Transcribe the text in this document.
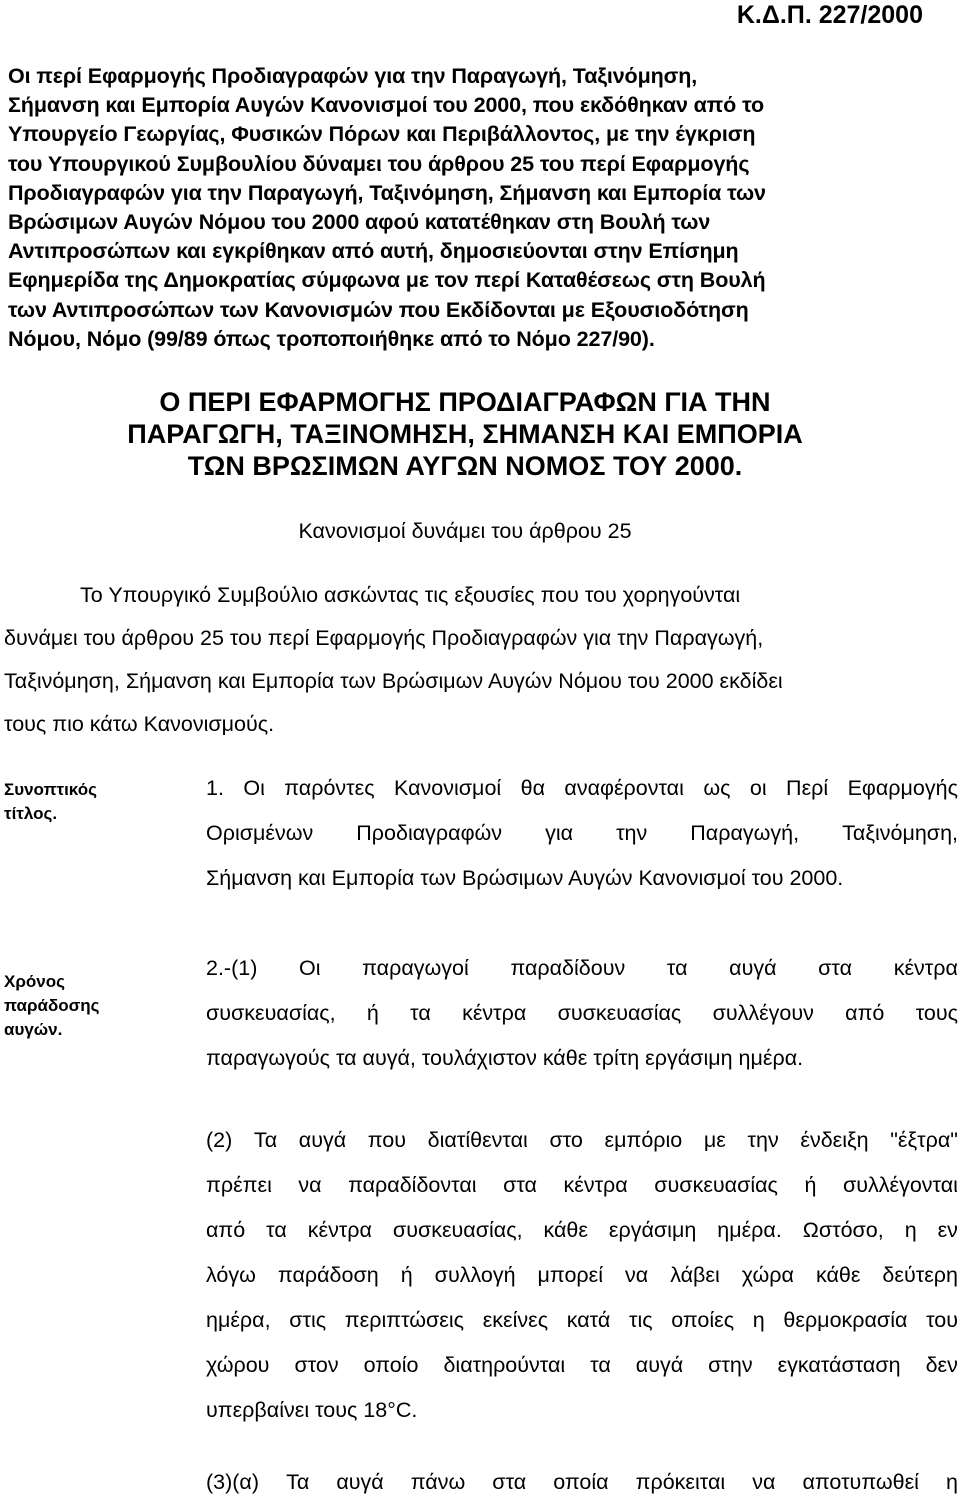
Κ.Δ.Π. 227/2000
Οι περί Εφαρμογής Προδιαγραφών για την Παραγωγή, Ταξινόμηση,
Σήμανση και Εμπορία Αυγών Κανονισμοί του 2000, που εκδόθηκαν από το
Υπουργείο Γεωργίας, Φυσικών Πόρων και Περιβάλλοντος, με την έγκριση
του Υπουργικού Συμβουλίου δύναμει του άρθρου 25 του περί Εφαρμογής
Προδιαγραφών για την Παραγωγή, Ταξινόμηση, Σήμανση και Εμπορία των
Βρώσιμων Αυγών Νόμου του 2000 αφού κατατέθηκαν στη Βουλή των
Αντιπροσώπων και εγκρίθηκαν από αυτή, δημοσιεύονται στην Επίσημη
Εφημερίδα της Δημοκρατίας σύμφωνα με τον περί Καταθέσεως στη Βουλή
των Αντιπροσώπων των Κανονισμών που Εκδίδονται με Εξουσιοδότηση
Νόμου, Νόμο (99/89 όπως τροποποιήθηκε από το Νόμο 227/90).
Ο ΠΕΡΙ ΕΦΑΡΜΟΓΗΣ ΠΡΟΔΙΑΓΡΑΦΩΝ ΓΙΑ ΤΗΝ
ΠΑΡΑΓΩΓΗ, ΤΑΞΙΝΟΜΗΣΗ, ΣΗΜΑΝΣΗ ΚΑΙ ΕΜΠΟΡΙΑ
ΤΩΝ ΒΡΩΣΙΜΩΝ ΑΥΓΩΝ ΝΟΜΟΣ ΤΟΥ 2000.
Κανονισμοί δυνάμει του άρθρου 25
Το Υπουργικό Συμβούλιο ασκώντας τις εξουσίες που του χορηγούνται
δυνάμει του άρθρου 25 του περί Εφαρμογής Προδιαγραφών για την Παραγωγή,
Ταξινόμηση, Σήμανση και Εμπορία των Βρώσιμων Αυγών Νόμου του 2000 εκδίδει
τους πιο κάτω Κανονισμούς.
Συνοπτικός
τίτλος.
1. Οι παρόντες Κανονισμοί θα αναφέρονται ως οι Περί Εφαρμογής
Ορισμένων Προδιαγραφών για την Παραγωγή, Ταξινόμηση,
Σήμανση και Εμπορία των Βρώσιμων Αυγών Κανονισμοί του 2000.
Χρόνος
παράδοσης
αυγών.
2.-(1) Οι παραγωγοί παραδίδουν τα αυγά στα κέντρα
συσκευασίας, ή τα κέντρα συσκευασίας συλλέγουν από τους
παραγωγούς τα αυγά, τουλάχιστον κάθε τρίτη εργάσιμη ημέρα.
(2) Τα αυγά που διατίθενται στο εμπόριο με την ένδειξη "έξτρα"
πρέπει να παραδίδονται στα κέντρα συσκευασίας ή συλλέγονται
από τα κέντρα συσκευασίας, κάθε εργάσιμη ημέρα. Ωστόσο, η εν
λόγω παράδοση ή συλλογή μπορεί να λάβει χώρα κάθε δεύτερη
ημέρα, στις περιπτώσεις εκείνες κατά τις οποίες η θερμοκρασία του
χώρου στον οποίο διατηρούνται τα αυγά στην εγκατάσταση δεν
υπερβαίνει τους 18°C.
(3)(α) Τα αυγά πάνω στα οποία πρόκειται να αποτυπωθεί η
